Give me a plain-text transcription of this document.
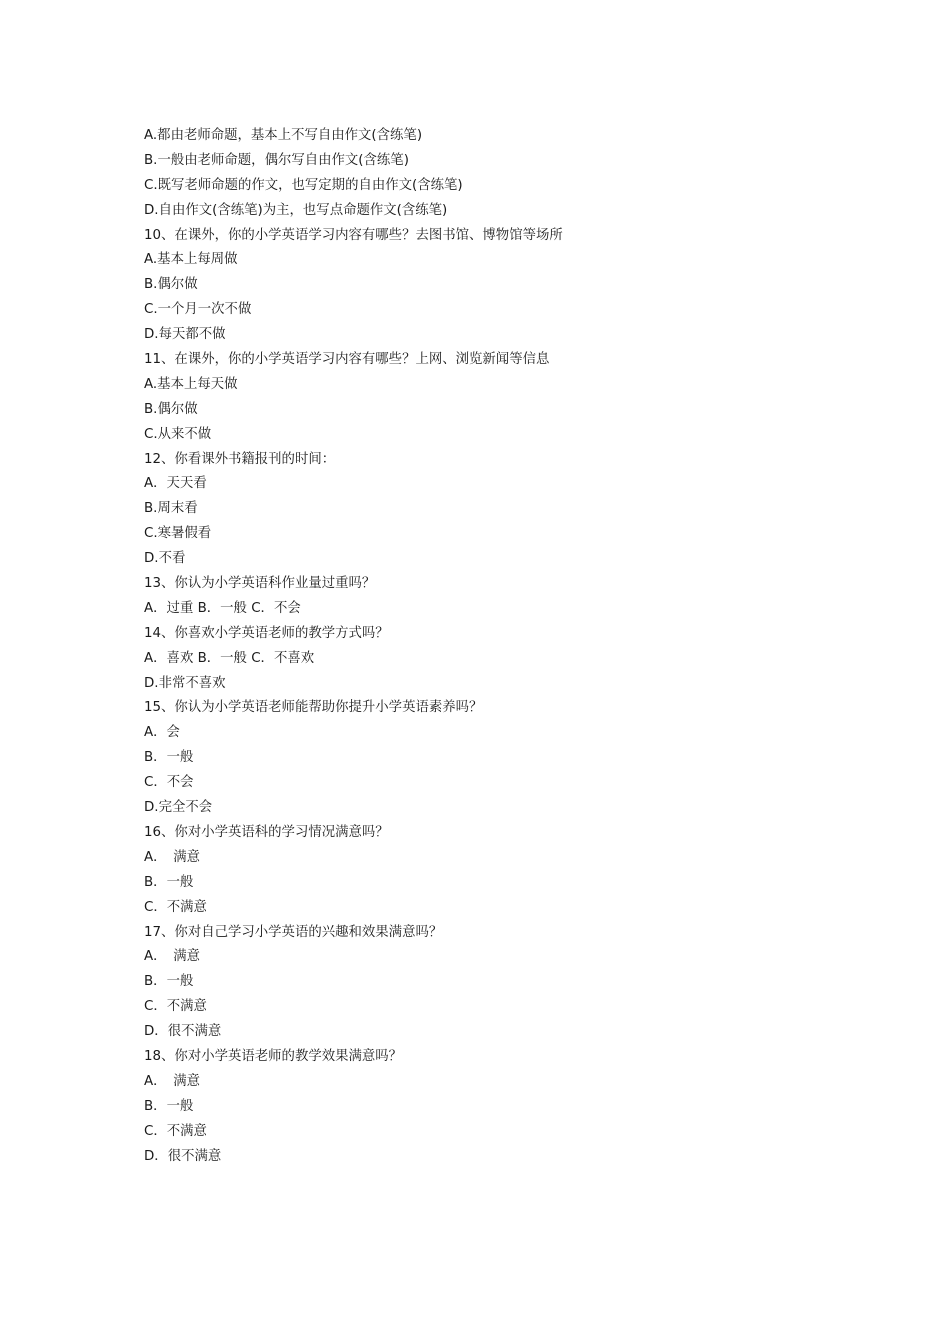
A.都由老师命题，基本上不写自由作文(含练笔)
B.一般由老师命题，偶尔写自由作文(含练笔)
C.既写老师命题的作文，也写定期的自由作文(含练笔)
D.自由作文(含练笔)为主，也写点命题作文(含练笔)
10、在课外，你的小学英语学习内容有哪些？去图书馆、博物馆等场所
A.基本上每周做
B.偶尔做
C.一个月一次不做
D.每天都不做
11、在课外，你的小学英语学习内容有哪些？上网、浏览新闻等信息
A.基本上每天做
B.偶尔做
C.从来不做
12、你看课外书籍报刊的时间：
A．天天看
B.周末看
C.寒暑假看
D.不看
13、你认为小学英语科作业量过重吗？
A．过重 B．一般 C．不会
14、你喜欢小学英语老师的教学方式吗？
A．喜欢 B．一般 C．不喜欢
D.非常不喜欢
15、你认为小学英语老师能帮助你提升小学英语素养吗？
A．会
B．一般
C．不会
D.完全不会
16、你对小学英语科的学习情况满意吗？
A．　满意
B．一般
C．不满意
17、你对自己学习小学英语的兴趣和效果满意吗？
A．　满意
B．一般
C．不满意
D．很不满意
18、你对小学英语老师的教学效果满意吗？
A．　满意
B．一般
C．不满意
D．很不满意
